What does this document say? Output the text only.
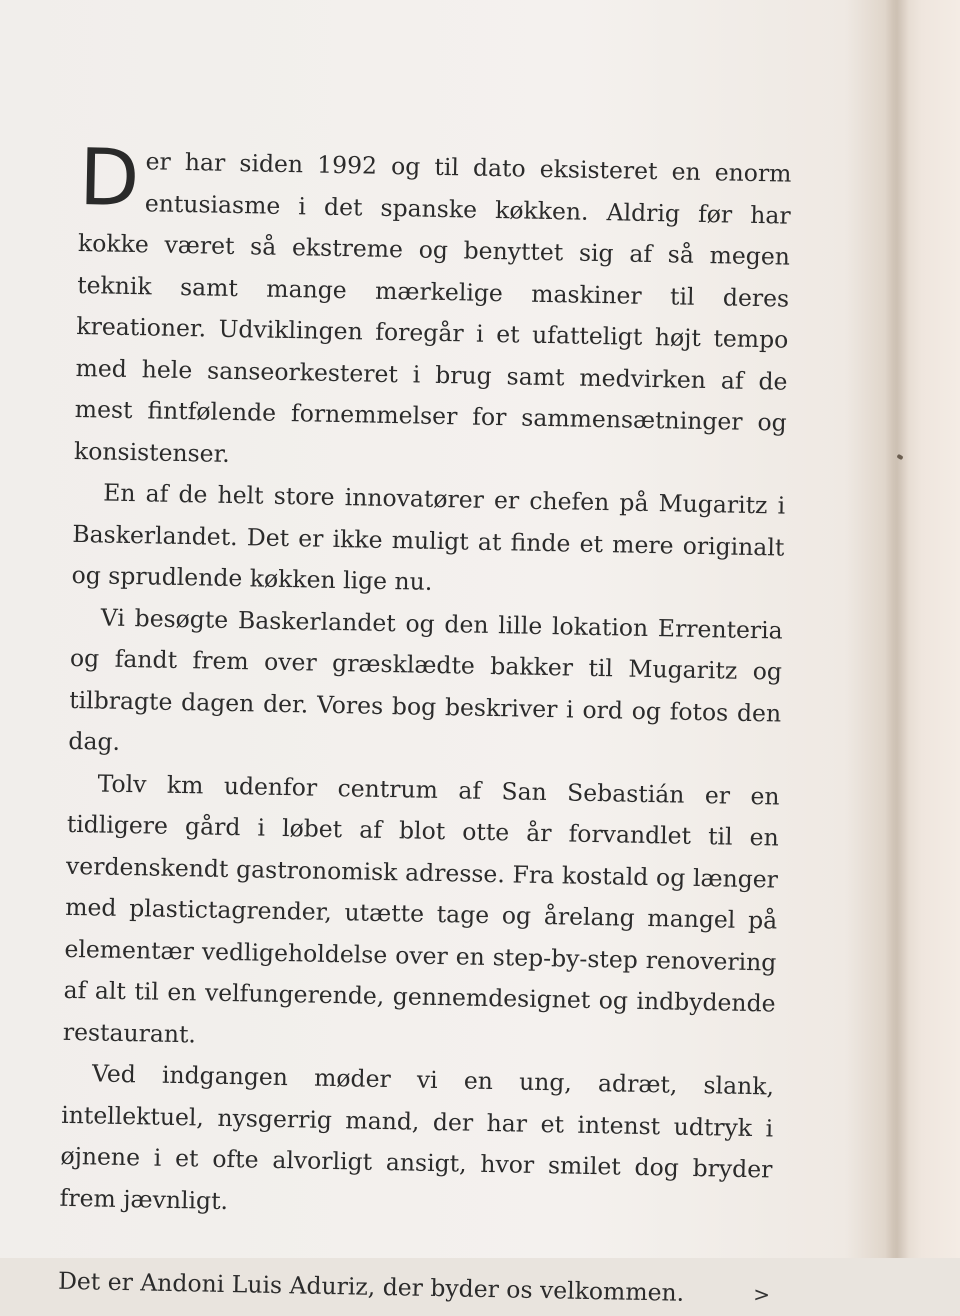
Der har siden 1992 og til dato eksisteret en enorm entusiasme i det spanske køkken. Aldrig før har kokke været så ekstreme og benyttet sig af så megen teknik samt mange mærkelige maskiner til deres kreationer. Udviklingen foregår i et ufatteligt højt tempo med hele sanseorkesteret i brug samt medvirken af de mest fintfølende fornemmelser for sammensætninger og konsistenser.

En af de helt store innovatører er chefen på Mugaritz i Baskerlandet. Det er ikke muligt at finde et mere originalt og sprudlende køkken lige nu.

Vi besøgte Baskerlandet og den lille lokation Errenteria og fandt frem over græsklædte bakker til Mugaritz og tilbragte dagen der. Vores bog beskriver i ord og fotos den dag.

Tolv km udenfor centrum af San Sebastián er en tidligere gård i løbet af blot otte år forvandlet til en verdenskendt gastronomisk adresse. Fra kostald og længer med plastictagrender, utætte tage og årelang mangel på elementær vedligeholdelse over en step-by-step renovering af alt til en velfungerende, gennemdesignet og indbydende restaurant.

Ved indgangen møder vi en ung, adræt, slank, intellektuel, nysgerrig mand, der har et intenst udtryk i øjnene i et ofte alvorligt ansigt, hvor smilet dog bryder frem jævnligt.

Det er Andoni Luis Aduriz, der byder os velkommen.	>
